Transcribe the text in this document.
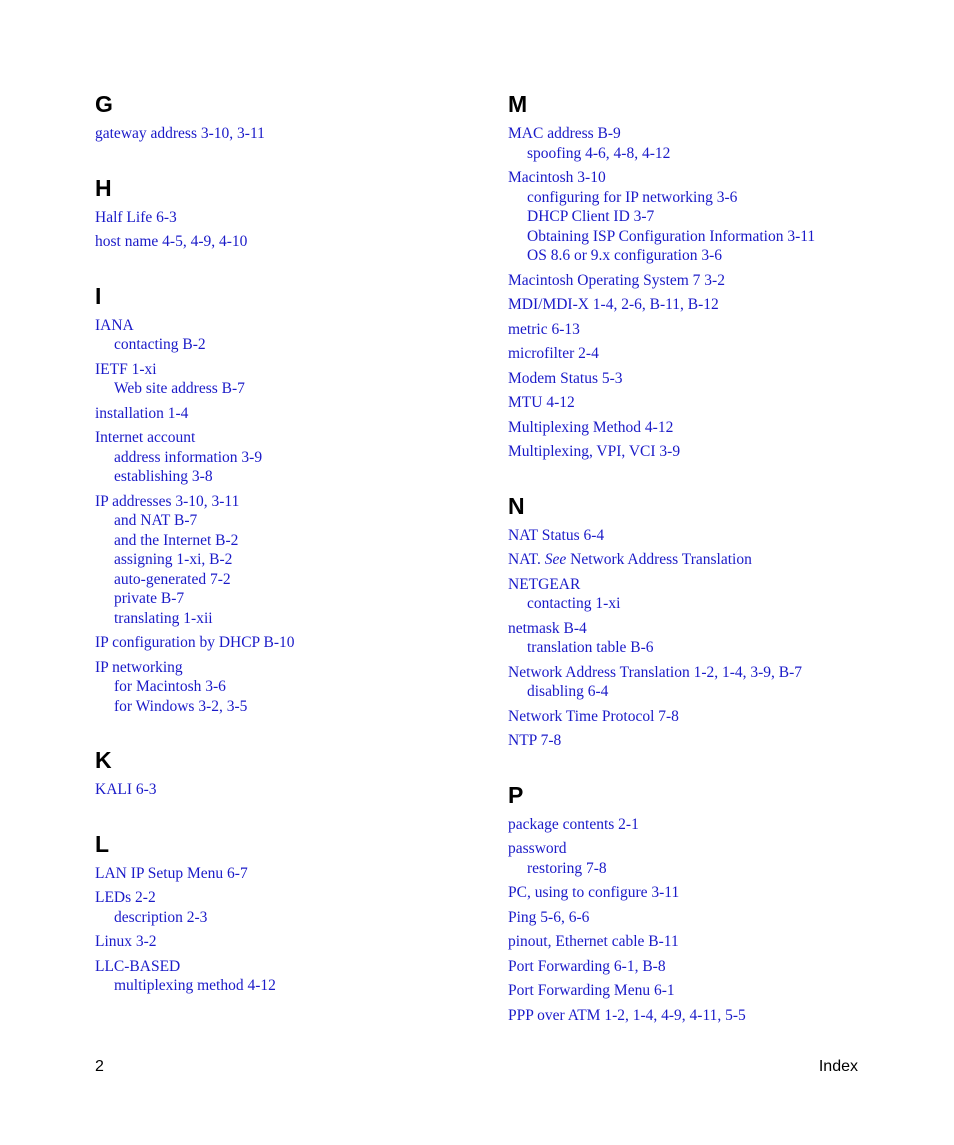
G
gateway address 3-10, 3-11
H
Half Life 6-3
host name 4-5, 4-9, 4-10
I
IANA
contacting B-2
IETF 1-xi
Web site address B-7
installation 1-4
Internet account
address information 3-9
establishing 3-8
IP addresses 3-10, 3-11
and NAT B-7
and the Internet B-2
assigning 1-xi, B-2
auto-generated 7-2
private B-7
translating 1-xii
IP configuration by DHCP B-10
IP networking
for Macintosh 3-6
for Windows 3-2, 3-5
K
KALI 6-3
L
LAN IP Setup Menu 6-7
LEDs 2-2
description 2-3
Linux 3-2
LLC-BASED
multiplexing method 4-12
M
MAC address B-9
spoofing 4-6, 4-8, 4-12
Macintosh 3-10
configuring for IP networking 3-6
DHCP Client ID 3-7
Obtaining ISP Configuration Information 3-11
OS 8.6 or 9.x configuration 3-6
Macintosh Operating System 7 3-2
MDI/MDI-X 1-4, 2-6, B-11, B-12
metric 6-13
microfilter 2-4
Modem Status 5-3
MTU 4-12
Multiplexing Method 4-12
Multiplexing, VPI, VCI 3-9
N
NAT Status 6-4
NAT. See Network Address Translation
NETGEAR
contacting 1-xi
netmask B-4
translation table B-6
Network Address Translation 1-2, 1-4, 3-9, B-7
disabling 6-4
Network Time Protocol 7-8
NTP 7-8
P
package contents 2-1
password
restoring 7-8
PC, using to configure 3-11
Ping 5-6, 6-6
pinout, Ethernet cable B-11
Port Forwarding 6-1, B-8
Port Forwarding Menu 6-1
PPP over ATM 1-2, 1-4, 4-9, 4-11, 5-5
2	Index
